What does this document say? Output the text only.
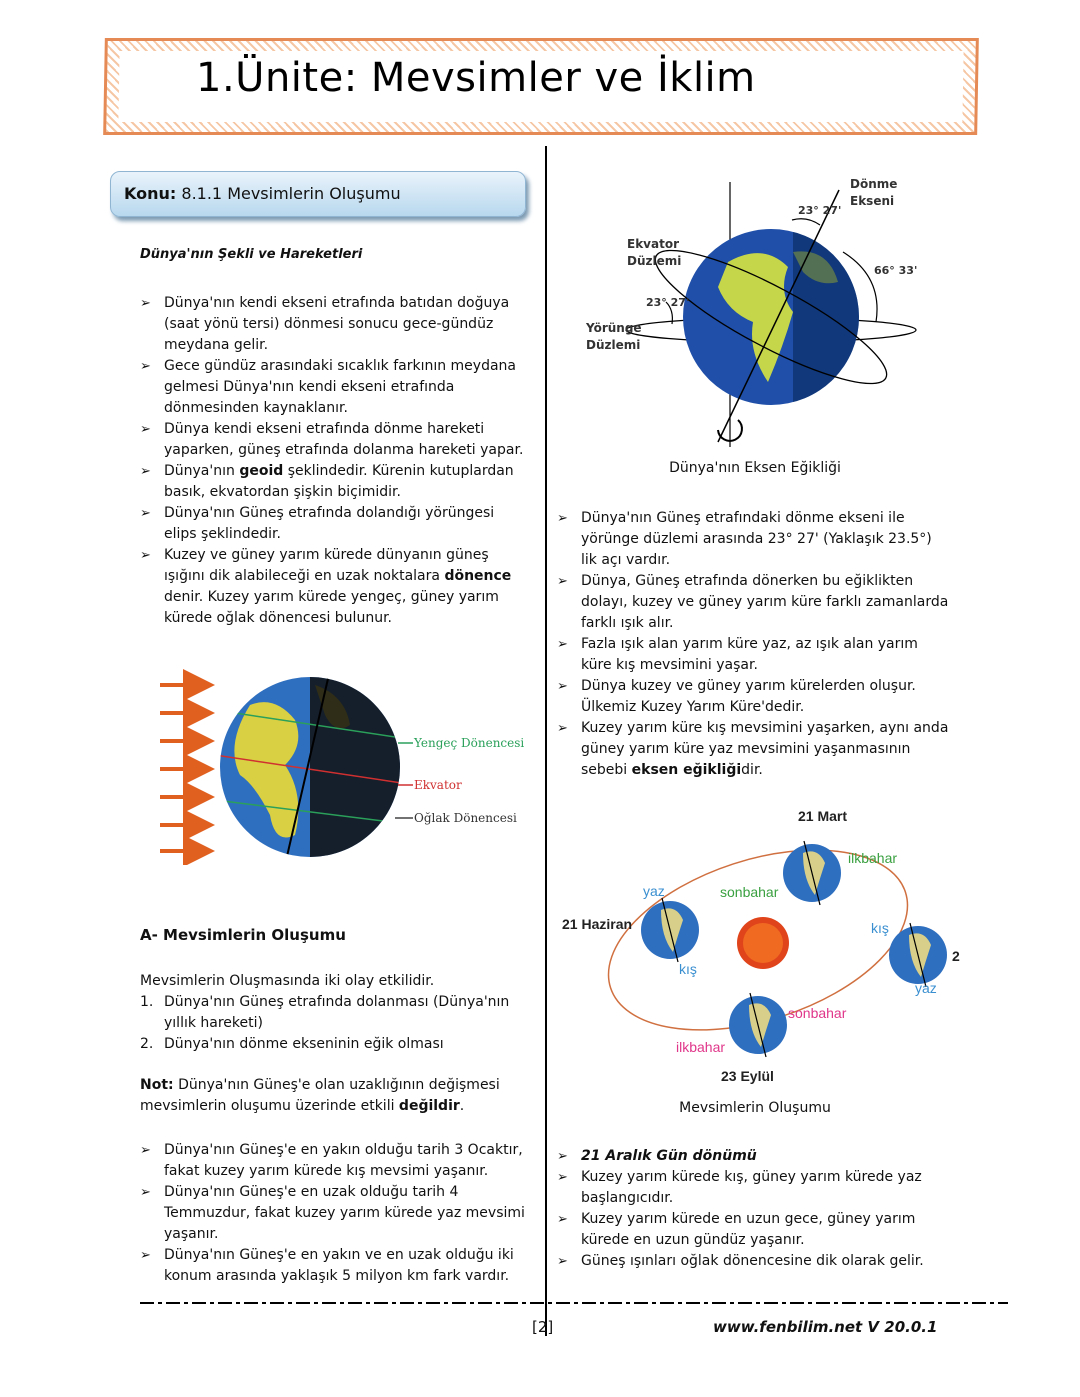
1.Ünite: Mevsimler ve İklim
Konu: 8.1.1 Mevsimlerin Oluşumu
Dünya'nın Şekli ve Hareketleri
➢ Dünya'nın kendi ekseni etrafında batıdan doğuya (saat yönü tersi) dönmesi sonucu gece-gündüz meydana gelir.
➢ Gece gündüz arasındaki sıcaklık farkının meydana gelmesi Dünya'nın kendi ekseni etrafında dönmesinden kaynaklanır.
➢ Dünya kendi ekseni etrafında dönme hareketi yaparken, güneş etrafında dolanma hareketi yapar.
➢ Dünya'nın geoid şeklindedir. Kürenin kutuplardan basık, ekvatordan şişkin biçimidir.
➢ Dünya'nın Güneş etrafında dolandığı yörüngesi elips şeklindedir.
➢ Kuzey ve güney yarım kürede dünyanın güneş ışığını dik alabileceği en uzak noktalara dönence denir. Kuzey yarım kürede yengeç, güney yarım kürede oğlak dönencesi bulunur.
Yengeç Dönencesi
Ekvator
Oğlak Dönencesi
A- Mevsimlerin Oluşumu
Mevsimlerin Oluşmasında iki olay etkilidir.
1. Dünya'nın Güneş etrafında dolanması (Dünya'nın yıllık hareketi)
2. Dünya'nın dönme ekseninin eğik olması
Not: Dünya'nın Güneş'e olan uzaklığının değişmesi mevsimlerin oluşumu üzerinde etkili değildir.
➢ Dünya'nın Güneş'e en yakın olduğu tarih 3 Ocaktır, fakat kuzey yarım kürede kış mevsimi yaşanır.
➢ Dünya'nın Güneş'e en uzak olduğu tarih 4 Temmuzdur, fakat kuzey yarım kürede yaz mevsimi yaşanır.
➢ Dünya'nın Güneş'e en yakın ve en uzak olduğu iki konum arasında yaklaşık 5 milyon km fark vardır.
Dönme
Ekseni
Ekvator
Düzlemi
Yörünge
Düzlemi
23° 27'
66° 33'
23° 27'
Dünya'nın Eksen Eğikliği
➢ Dünya'nın Güneş etrafındaki dönme ekseni ile yörünge düzlemi arasında 23° 27' (Yaklaşık 23.5°) lik açı vardır.
➢ Dünya, Güneş etrafında dönerken bu eğiklikten dolayı, kuzey ve güney yarım küre farklı zamanlarda farklı ışık alır.
➢ Fazla ışık alan yarım küre yaz, az ışık alan yarım küre kış mevsimini yaşar.
➢ Dünya kuzey ve güney yarım kürelerden oluşur. Ülkemiz Kuzey Yarım Küre'dedir.
➢ Kuzey yarım küre kış mevsimini yaşarken, aynı anda güney yarım küre yaz mevsimini yaşanmasının sebebi eksen eğikliğidir.
21 Mart
21 Haziran
23 Eylül
2
ilkbahar
sonbahar
yaz
kış
kış
yaz
sonbahar
ilkbahar
Mevsimlerin Oluşumu
➢ 21 Aralık Gün dönümü
➢ Kuzey yarım kürede kış, güney yarım kürede yaz başlangıcıdır.
➢ Kuzey yarım kürede en uzun gece, güney yarım kürede en uzun gündüz yaşanır.
➢ Güneş ışınları oğlak dönencesine dik olarak gelir.
[2]	www.fenbilim.net V 20.0.1
